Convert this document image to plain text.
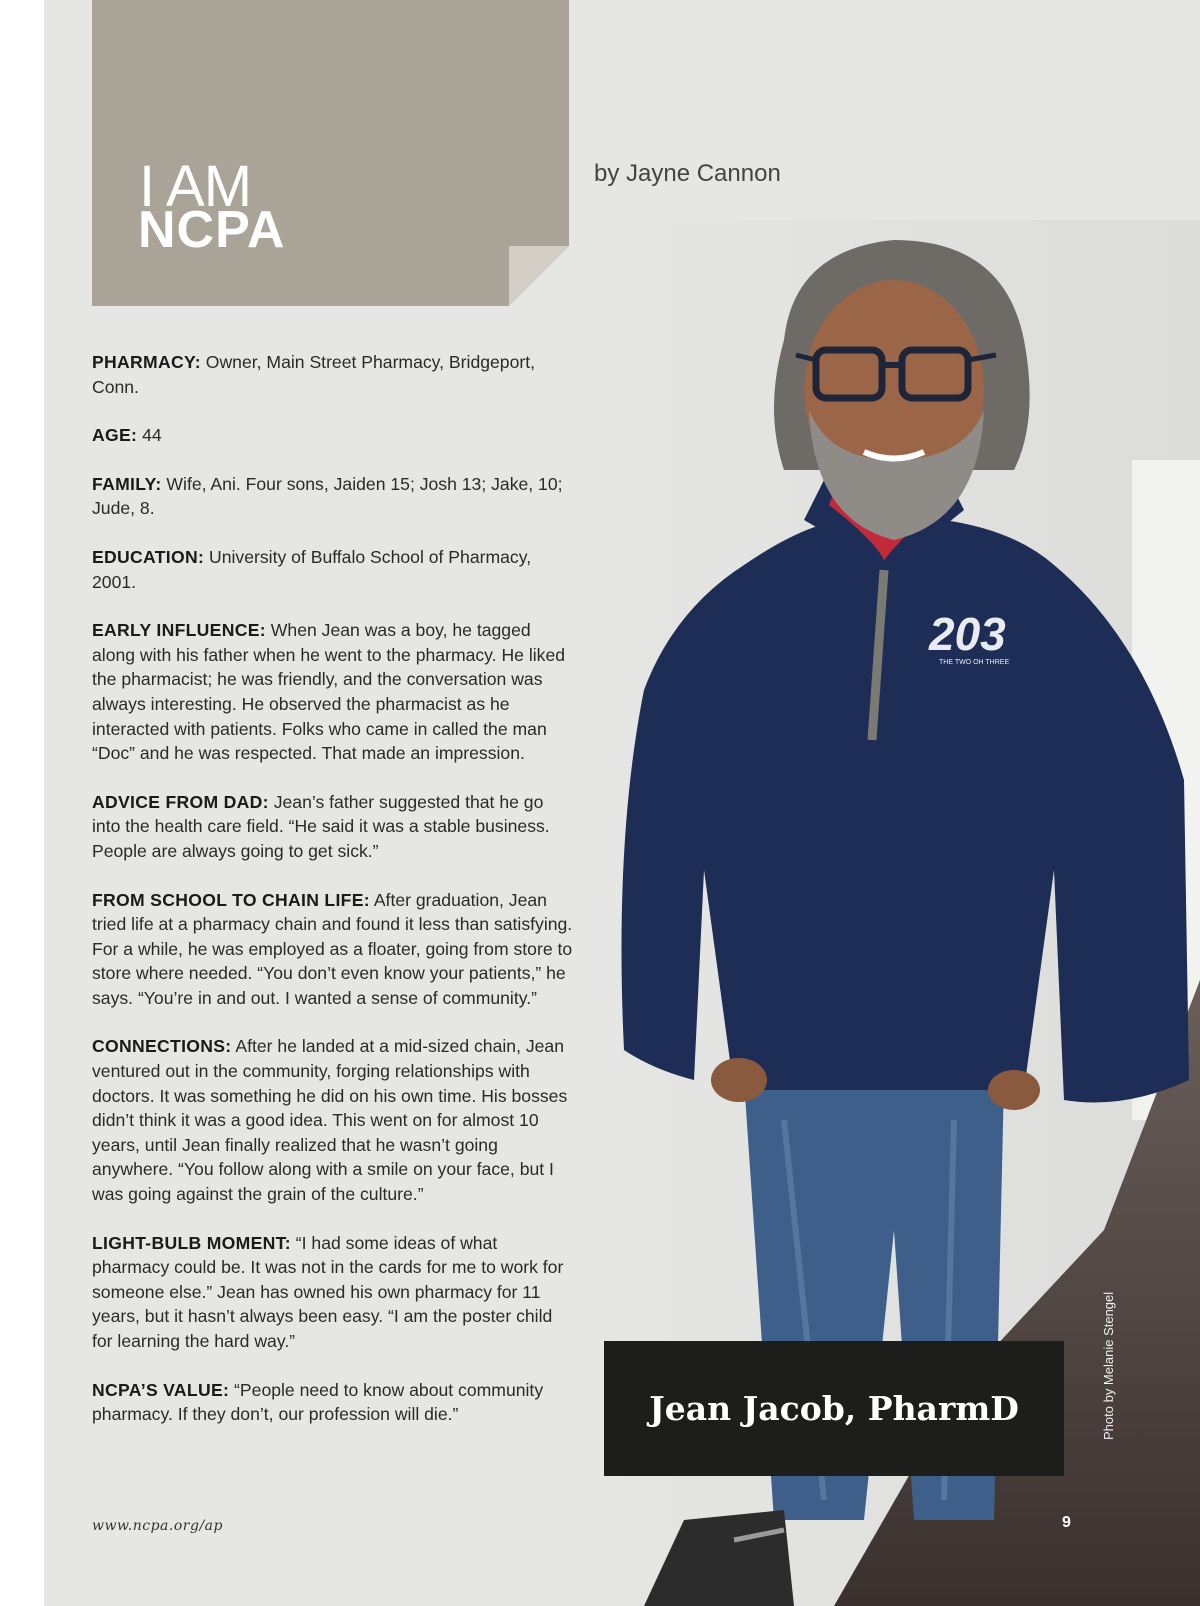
I AM
NCPA
by Jayne Cannon

PHARMACY: Owner, Main Street Pharmacy, Bridgeport, Conn.

AGE: 44

FAMILY: Wife, Ani. Four sons, Jaiden 15; Josh 13; Jake, 10; Jude, 8.

EDUCATION: University of Buffalo School of Pharmacy, 2001.

EARLY INFLUENCE: When Jean was a boy, he tagged along with his father when he went to the pharmacy. He liked the pharmacist; he was friendly, and the conversation was always interesting. He observed the pharmacist as he interacted with patients. Folks who came in called the man “Doc” and he was respected. That made an impression.

ADVICE FROM DAD: Jean’s father suggested that he go into the health care field. “He said it was a stable business. People are always going to get sick.”

FROM SCHOOL TO CHAIN LIFE: After graduation, Jean tried life at a pharmacy chain and found it less than satisfying. For a while, he was employed as a floater, going from store to store where needed. “You don’t even know your patients,” he says. “You’re in and out. I wanted a sense of community.”

CONNECTIONS: After he landed at a mid-sized chain, Jean ventured out in the community, forging relationships with doctors. It was something he did on his own time. His bosses didn’t think it was a good idea. This went on for almost 10 years, until Jean finally realized that he wasn’t going anywhere. “You follow along with a smile on your face, but I was going against the grain of the culture.”

LIGHT-BULB MOMENT: “I had some ideas of what pharmacy could be. It was not in the cards for me to work for someone else.” Jean has owned his own pharmacy for 11 years, but it hasn’t always been easy. “I am the poster child for learning the hard way.”

NCPA’S VALUE: “People need to know about community pharmacy. If they don’t, our profession will die.”

203
THE TWO OH THREE
Jean Jacob, PharmD	Photo by Melanie Stengel
www.ncpa.org/ap	9
